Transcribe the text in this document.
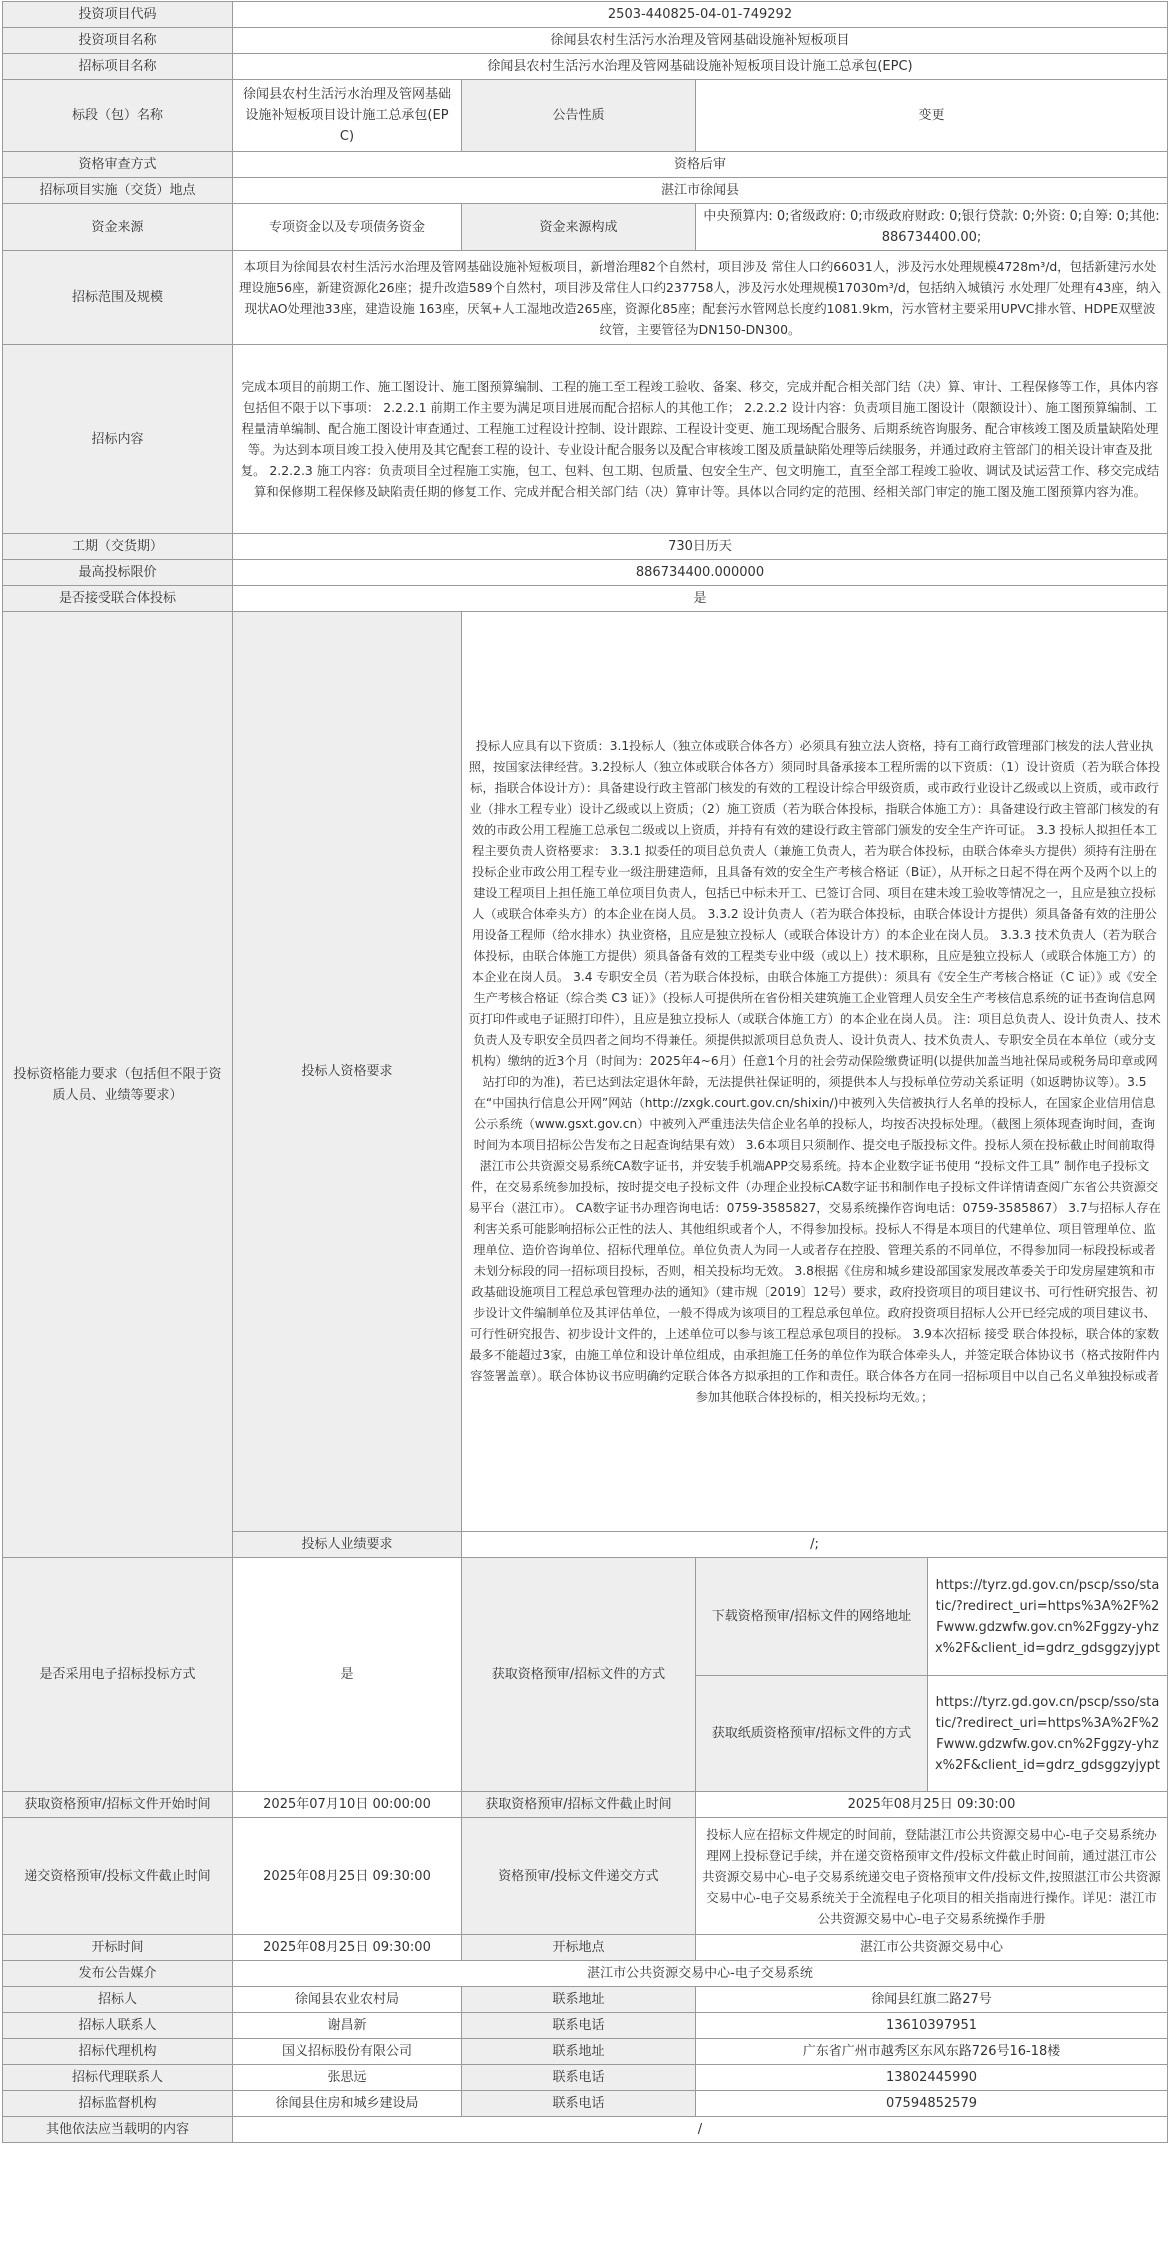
投资项目代码	2503-440825-04-01-749292			
投资项目名称	徐闻县农村生活污水治理及管网基础设施补短板项目			
招标项目名称	徐闻县农村生活污水治理及管网基础设施补短板项目设计施工总承包(EPC)			
标段（包）名称	徐闻县农村生活污水治理及管网基础设施补短板项目设计施工总承包(EPC)	公告性质	变更	
资格审查方式	资格后审			
招标项目实施（交货）地点	湛江市徐闻县			
资金来源	专项资金以及专项债务资金	资金来源构成	中央预算内: 0;省级政府: 0;市级政府财政: 0;银行贷款: 0;外资: 0;自筹: 0;其他: 886734400.00;	
招标范围及规模	本项目为徐闻县农村生活污水治理及管网基础设施补短板项目，新增治理82个自然村，项目涉及 常住人口约66031人，涉及污水处理规模4728m³/d，包括新建污水处 理设施56座，新建资源化26座；提升改造589个自然村，项目涉及常住人口约237758人，涉及污水处理规模17030m³/d，包括纳入城镇污 水处理厂处理有43座，纳入现状AO处理池33座，建造设施 163座，厌氧+人工湿地改造265座，资源化85座；配套污水管网总长度约1081.9km，污水管材主要采用UPVC排水管、HDPE双壁波纹管，主要管径为DN150-DN300。			
招标内容	完成本项目的前期工作、施工图设计、施工图预算编制、工程的施工至工程竣工验收、备案、移交，完成并配合相关部门结（决）算、审计、工程保修等工作，具体内容包括但不限于以下事项： 2.2.2.1 前期工作主要为满足项目进展而配合招标人的其他工作； 2.2.2.2 设计内容：负责项目施工图设计（限额设计）、施工图预算编制、工程量清单编制、配合施工图设计审查通过、工程施工过程设计控制、设计跟踪、工程设计变更、施工现场配合服务、后期系统咨询服务、配合审核竣工图及质量缺陷处理等。为达到本项目竣工投入使用及其它配套工程的设计、专业设计配合服务以及配合审核竣工图及质量缺陷处理等后续服务，并通过政府主管部门的相关设计审查及批复。 2.2.2.3 施工内容：负责项目全过程施工实施，包工、包料、包工期、包质量、包安全生产、包文明施工，直至全部工程竣工验收、调试及试运营工作、移交完成结算和保修期工程保修及缺陷责任期的修复工作、完成并配合相关部门结（决）算审计等。具体以合同约定的范围、经相关部门审定的施工图及施工图预算内容为准。			
工期（交货期）	730日历天			
最高投标限价	886734400.000000			
是否接受联合体投标	是			
投标资格能力要求（包括但不限于资质人员、业绩等要求）	投标人资格要求	投标人应具有以下资质：3.1投标人（独立体或联合体各方）必须具有独立法人资格，持有工商行政管理部门核发的法人营业执照，按国家法律经营。3.2投标人（独立体或联合体各方）须同时具备承接本工程所需的以下资质：（1）设计资质（若为联合体投标，指联合体设计方）：具备建设行政主管部门核发的有效的工程设计综合甲级资质，或市政行业设计乙级或以上资质，或市政行业（排水工程专业）设计乙级或以上资质；（2）施工资质（若为联合体投标，指联合体施工方）：具备建设行政主管部门核发的有效的市政公用工程施工总承包二级或以上资质，并持有有效的建设行政主管部门颁发的安全生产许可证。 3.3 投标人拟担任本工程主要负责人资格要求： 3.3.1 拟委任的项目总负责人（兼施工负责人，若为联合体投标，由联合体牵头方提供）须持有注册在投标企业市政公用工程专业一级注册建造师，且具备有效的安全生产考核合格证（B证），从开标之日起不得在两个及两个以上的建设工程项目上担任施工单位项目负责人，包括已中标未开工、已签订合同、项目在建未竣工验收等情况之一，且应是独立投标人（或联合体牵头方）的本企业在岗人员。 3.3.2 设计负责人（若为联合体投标，由联合体设计方提供）须具备备有效的注册公用设备工程师（给水排水）执业资格，且应是独立投标人（或联合体设计方）的本企业在岗人员。 3.3.3 技术负责人（若为联合体投标，由联合体施工方提供）须具备备有效的工程类专业中级（或以上）技术职称，且应是独立投标人（或联合体施工方）的本企业在岗人员。 3.4 专职安全员（若为联合体投标，由联合体施工方提供）：须具有《安全生产考核合格证（C 证）》或《安全生产考核合格证（综合类 C3 证）》（投标人可提供所在省份相关建筑施工企业管理人员安全生产考核信息系统的证书查询信息网页打印件或电子证照打印件），且应是独立投标人（或联合体施工方）的本企业在岗人员。 注：项目总负责人、设计负责人、技术负责人及专职安全员四者之间均不得兼任。须提供拟派项目总负责人、设计负责人、技术负责人、专职安全员在本单位（或分支机构）缴纳的近3个月（时间为：2025年4~6月）任意1个月的社会劳动保险缴费证明(以提供加盖当地社保局或税务局印章或网站打印的为准)，若已达到法定退休年龄，无法提供社保证明的，须提供本人与投标单位劳动关系证明（如返聘协议等）。3.5在“中国执行信息公开网”网站（http://zxgk.court.gov.cn/shixin/)中被列入失信被执行人名单的投标人，在国家企业信用信息公示系统（www.gsxt.gov.cn）中被列入严重违法失信企业名单的投标人，均按否决投标处理。（截图上须体现查询时间，查询时间为本项目招标公告发布之日起查询结果有效） 3.6本项目只须制作、提交电子版投标文件。投标人须在投标截止时间前取得湛江市公共资源交易系统CA数字证书，并安装手机端APP交易系统。持本企业数字证书使用 “投标文件工具” 制作电子投标文件，在交易系统参加投标，按时提交电子投标文件（办理企业投标CA数字证书和制作电子投标文件详情请查阅广东省公共资源交易平台（湛江市）。 CA数字证书办理咨询电话：0759-3585827，交易系统操作咨询电话：0759-3585867） 3.7与招标人存在利害关系可能影响招标公正性的法人、其他组织或者个人，不得参加投标。投标人不得是本项目的代建单位、项目管理单位、监理单位、造价咨询单位、招标代理单位。单位负责人为同一人或者存在控股、管理关系的不同单位，不得参加同一标段投标或者未划分标段的同一招标项目投标，否则，相关投标均无效。 3.8根据《住房和城乡建设部国家发展改革委关于印发房屋建筑和市政基础设施项目工程总承包管理办法的通知》（建市规〔2019〕12号）要求，政府投资项目的项目建议书、可行性研究报告、初步设计文件编制单位及其评估单位，一般不得成为该项目的工程总承包单位。政府投资项目招标人公开已经完成的项目建议书、可行性研究报告、初步设计文件的，上述单位可以参与该工程总承包项目的投标。 3.9本次招标 接受 联合体投标，联合体的家数最多不能超过3家，由施工单位和设计单位组成，由承担施工任务的单位作为联合体牵头人，并签定联合体协议书（格式按附件内容签署盖章）。联合体协议书应明确约定联合体各方拟承担的工作和责任。联合体各方在同一招标项目中以自己名义单独投标或者参加其他联合体投标的，相关投标均无效。；		
	投标人业绩要求	/;		
是否采用电子招标投标方式	是	获取资格预审/招标文件的方式	下载资格预审/招标文件的网络地址	https://tyrz.gd.gov.cn/pscp/sso/static/?redirect_uri=https%3A%2F%2Fwww.gdzwfw.gov.cn%2Fggzy-yhzx%2F&client_id=gdrz_gdsggzyjypt
			获取纸质资格预审/招标文件的方式	https://tyrz.gd.gov.cn/pscp/sso/static/?redirect_uri=https%3A%2F%2Fwww.gdzwfw.gov.cn%2Fggzy-yhzx%2F&client_id=gdrz_gdsggzyjypt
获取资格预审/招标文件开始时间	2025年07月10日 00:00:00	获取资格预审/招标文件截止时间	2025年08月25日 09:30:00	
递交资格预审/投标文件截止时间	2025年08月25日 09:30:00	资格预审/投标文件递交方式	投标人应在招标文件规定的时间前，登陆湛江市公共资源交易中心-电子交易系统办理网上投标登记手续，并在递交资格预审文件/投标文件截止时间前，通过湛江市公共资源交易中心-电子交易系统递交电子资格预审文件/投标文件,按照湛江市公共资源交易中心-电子交易系统关于全流程电子化项目的相关指南进行操作。详见：湛江市公共资源交易中心-电子交易系统操作手册	
开标时间	2025年08月25日 09:30:00	开标地点	湛江市公共资源交易中心	
发布公告媒介	湛江市公共资源交易中心-电子交易系统			
招标人	徐闻县农业农村局	联系地址	徐闻县红旗二路27号	
招标人联系人	谢昌新	联系电话	13610397951	
招标代理机构	国义招标股份有限公司	联系地址	广东省广州市越秀区东风东路726号16-18楼	
招标代理联系人	张思远	联系电话	13802445990	
招标监督机构	徐闻县住房和城乡建设局	联系电话	07594852579	
其他依法应当载明的内容	/			
